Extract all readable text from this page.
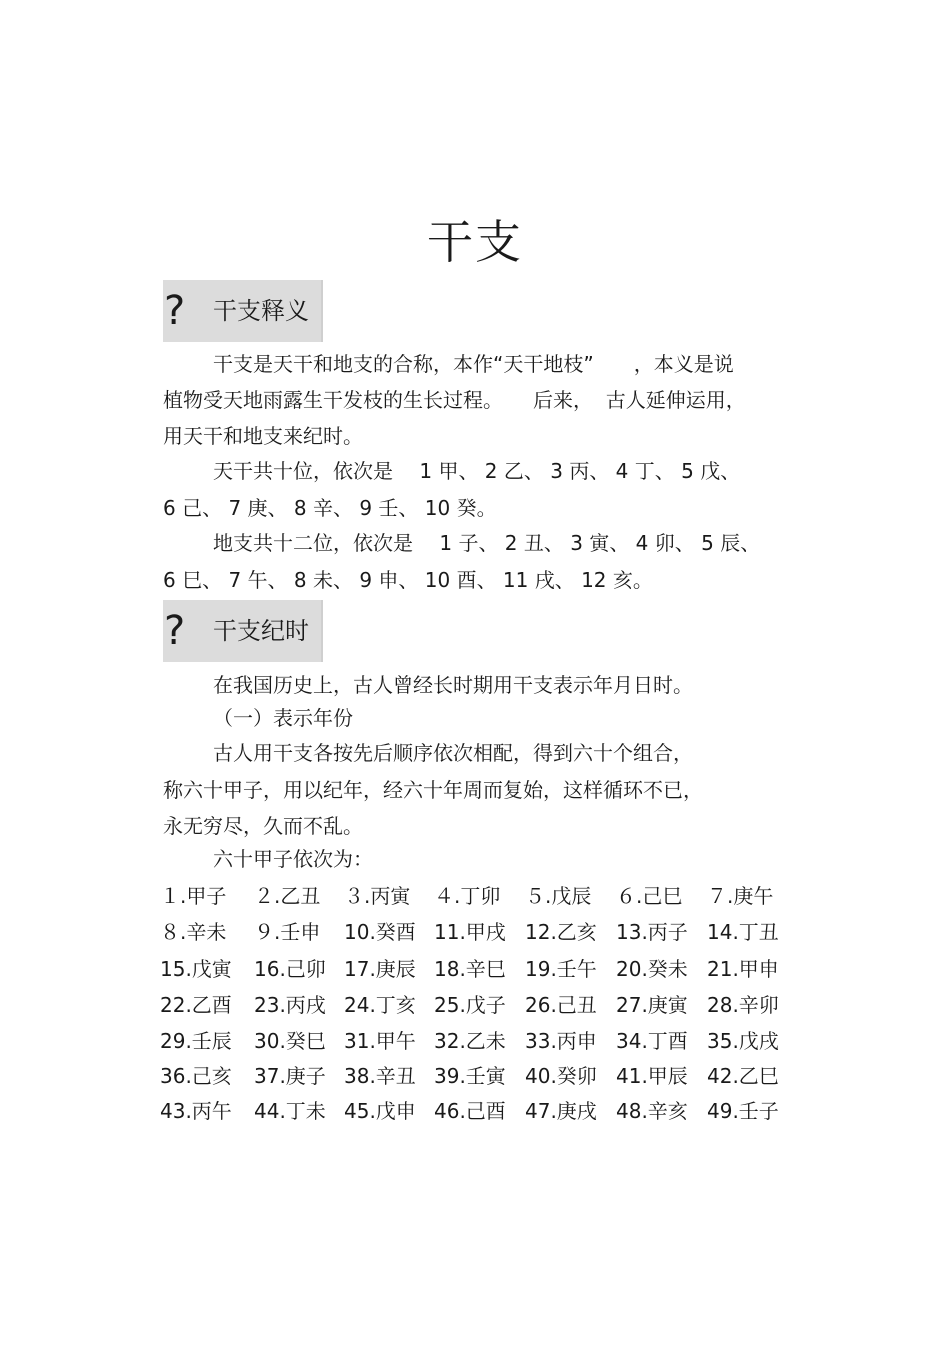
干支
? 干支释义
干支是天干和地支的合称，本作“天干地枝”　　，本义是说
植物受天地雨露生干发枝的生长过程。　　后来，  古人延伸运用，
用天干和地支来纪时。
天干共十位，依次是　 1 甲、 2 乙、 3 丙、 4 丁、 5 戊、
6 己、 7 庚、 8 辛、 9 壬、 10 癸。
地支共十二位，依次是　 1 子、 2 丑、 3 寅、 4 卯、 5 辰、
6 巳、 7 午、 8 未、 9 申、 10 酉、 11 戌、 12 亥。
? 干支纪时
在我国历史上，古人曾经长时期用干支表示年月日时。
（一）表示年份
古人用干支各按先后顺序依次相配，得到六十个组合，
称六十甲子，用以纪年，经六十年周而复始，这样循环不已，
永无穷尽，久而不乱。
六十甲子依次为：
１.甲子 ２.乙丑 ３.丙寅 ４.丁卯 ５.戊辰 ６.己巳 ７.庚午
８.辛未 ９.壬申 10.癸酉 11.甲戌 12.乙亥 13.丙子 14.丁丑
15.戊寅 16.己卯 17.庚辰 18.辛巳 19.壬午 20.癸未 21.甲申
22.乙酉 23.丙戌 24.丁亥 25.戊子 26.己丑 27.庚寅 28.辛卯
29.壬辰 30.癸巳 31.甲午 32.乙未 33.丙申 34.丁酉 35.戊戌
36.己亥 37.庚子 38.辛丑 39.壬寅 40.癸卯 41.甲辰 42.乙巳
43.丙午 44.丁未 45.戊申 46.己酉 47.庚戌 48.辛亥 49.壬子
